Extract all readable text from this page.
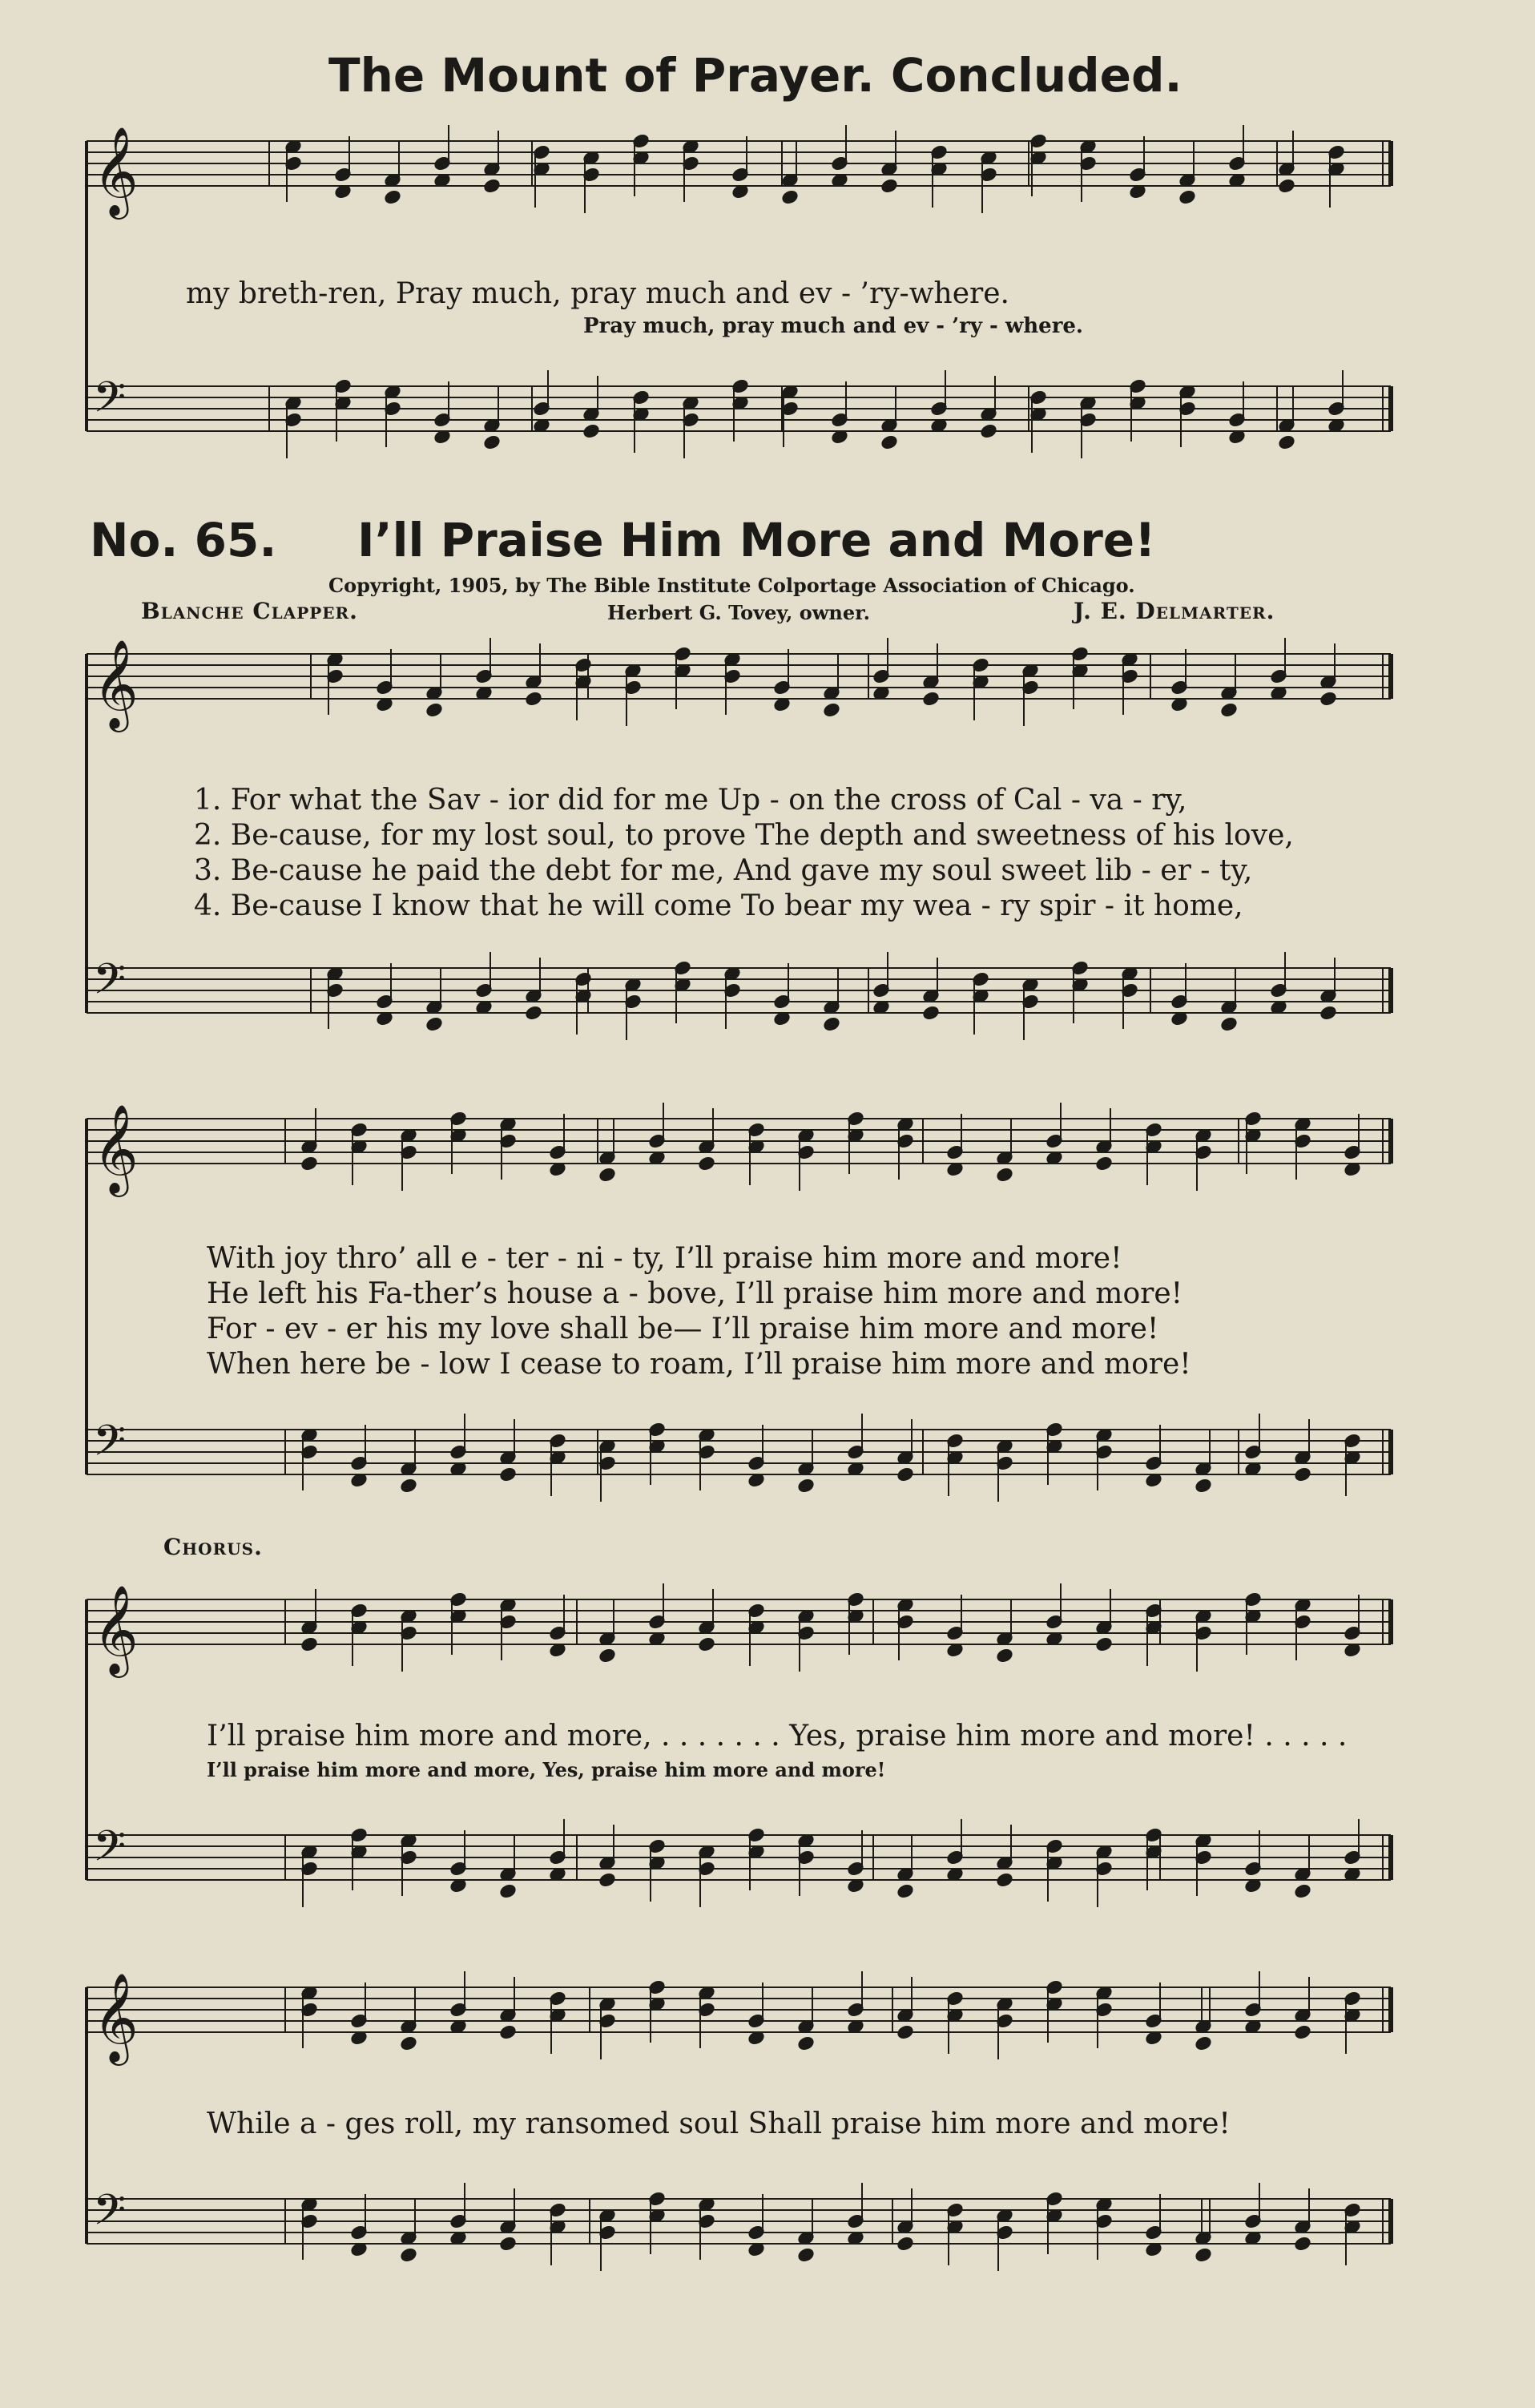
The Mount of Prayer. Concluded.
𝄞
𝄢
𝄞
𝄢
𝄞
𝄢
𝄞
𝄢
𝄞
𝄢
my breth-ren, Pray much, pray much and ev - ’ry-where.
Pray much, pray much and ev - ’ry - where.
No. 65. I’ll Praise Him More and More!
Copyright, 1905, by The Bible Institute Colportage Association of Chicago.
Blanche Clapper.	Herbert G. Tovey, owner.	J. E. Delmarter.
1. For what the Sav - ior did for me Up - on the cross of Cal - va - ry,
2. Be-cause, for my lost soul, to prove The depth and sweetness of his love,
3. Be-cause he paid the debt for me, And gave my soul sweet lib - er - ty,
4. Be-cause I know that he will come To bear my wea - ry spir - it home,
With joy thro’ all e - ter - ni - ty, I’ll praise him more and more!
He left his Fa-ther’s house a - bove, I’ll praise him more and more!
For - ev - er his my love shall be— I’ll praise him more and more!
When here be - low I cease to roam, I’ll praise him more and more!
Chorus.
I’ll praise him more and more, . . . . . . . Yes, praise him more and more! . . . . .
I’ll praise him more and more, Yes, praise him more and more!
While a - ges roll, my ransomed soul Shall praise him more and more!
